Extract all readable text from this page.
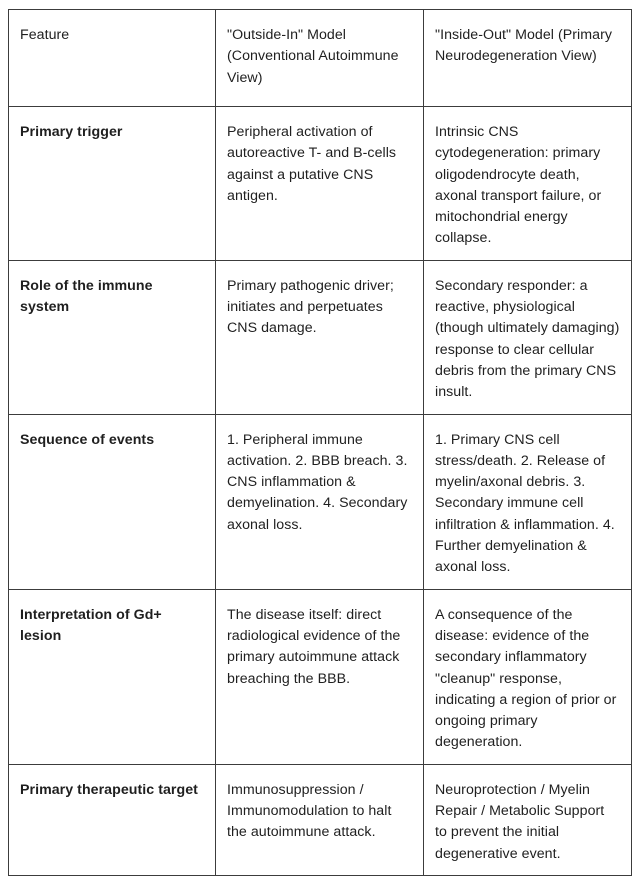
Feature	"Outside-In" Model (Conventional Autoimmune View)	"Inside-Out" Model (Primary Neurodegeneration View)
Primary trigger	Peripheral activation of autoreactive T- and B-cells against a putative CNS antigen.	Intrinsic CNS cytodegeneration: primary oligodendrocyte death, axonal transport failure, or mitochondrial energy collapse.
Role of the immune system	Primary pathogenic driver; initiates and perpetuates CNS damage.	Secondary responder: a reactive, physiological (though ultimately damaging) response to clear cellular debris from the primary CNS insult.
Sequence of events	1. Peripheral immune activation. 2. BBB breach. 3. CNS inflammation & demyelination. 4. Secondary axonal loss.	1. Primary CNS cell stress/death. 2. Release of myelin/axonal debris. 3. Secondary immune cell infiltration & inflammation. 4. Further demyelination & axonal loss.
Interpretation of Gd+ lesion	The disease itself: direct radiological evidence of the primary autoimmune attack breaching the BBB.	A consequence of the disease: evidence of the secondary inflammatory "cleanup" response, indicating a region of prior or ongoing primary degeneration.
Primary therapeutic target	Immunosuppression / Immunomodulation to halt the autoimmune attack.	Neuroprotection / Myelin Repair / Metabolic Support to prevent the initial degenerative event.
